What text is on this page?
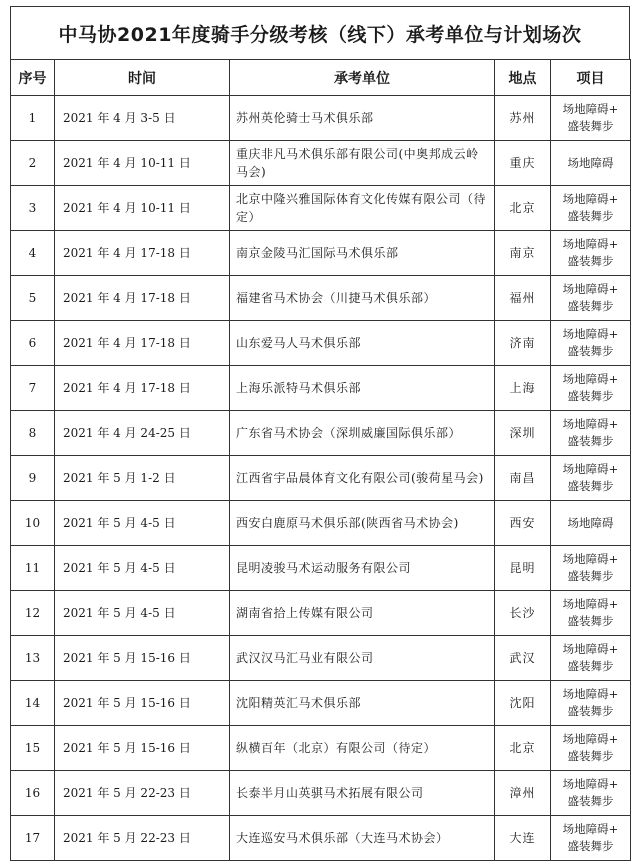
中马协2021年度骑手分级考核（线下）承考单位与计划场次
序号	时间	承考单位	地点	项目
1	2021 年 4 月 3-5 日	苏州英伦骑士马术俱乐部	苏州	场地障碍+
盛装舞步

2	2021 年 4 月 10-11 日	重庆非凡马术俱乐部有限公司(中奥邦成云岭马会)	重庆	场地障碍

3	2021 年 4 月 10-11 日	北京中隆兴雅国际体育文化传媒有限公司（待定）	北京	场地障碍+
盛装舞步

4	2021 年 4 月 17-18 日	南京金陵马汇国际马术俱乐部	南京	场地障碍+
盛装舞步

5	2021 年 4 月 17-18 日	福建省马术协会（川捷马术俱乐部）	福州	场地障碍+
盛装舞步

6	2021 年 4 月 17-18 日	山东爱马人马术俱乐部	济南	场地障碍+
盛装舞步

7	2021 年 4 月 17-18 日	上海乐派特马术俱乐部	上海	场地障碍+
盛装舞步

8	2021 年 4 月 24-25 日	广东省马术协会（深圳威廉国际俱乐部）	深圳	场地障碍+
盛装舞步

9	2021 年 5 月 1-2 日	江西省宇品晨体育文化有限公司(骏荷星马会)	南昌	场地障碍+
盛装舞步

10	2021 年 5 月 4-5 日	西安白鹿原马术俱乐部(陕西省马术协会)	西安	场地障碍

11	2021 年 5 月 4-5 日	昆明凌骏马术运动服务有限公司	昆明	场地障碍+
盛装舞步

12	2021 年 5 月 4-5 日	湖南省拾上传媒有限公司	长沙	场地障碍+
盛装舞步

13	2021 年 5 月 15-16 日	武汉汉马汇马业有限公司	武汉	场地障碍+
盛装舞步

14	2021 年 5 月 15-16 日	沈阳精英汇马术俱乐部	沈阳	场地障碍+
盛装舞步

15	2021 年 5 月 15-16 日	纵横百年（北京）有限公司（待定）	北京	场地障碍+
盛装舞步

16	2021 年 5 月 22-23 日	长泰半月山英骐马术拓展有限公司	漳州	场地障碍+
盛装舞步

17	2021 年 5 月 22-23 日	大连巡安马术俱乐部（大连马术协会）	大连	场地障碍+
盛装舞步
